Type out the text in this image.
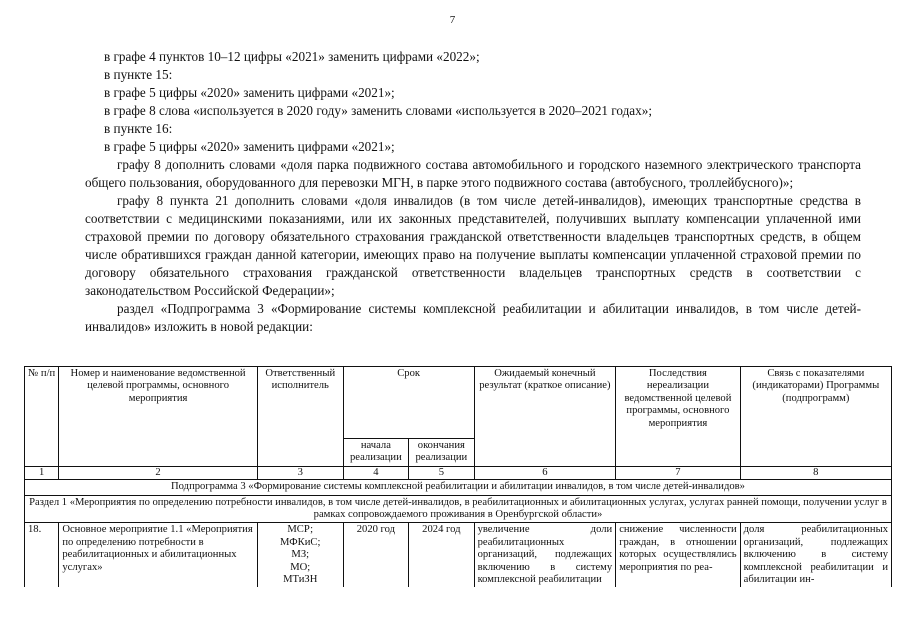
7

в графе 4 пунктов 10–12 цифры «2021» заменить цифрами «2022»;

в пункте 15:

в графе 5 цифры «2020» заменить цифрами «2021»;

в графе 8 слова «используется в 2020 году» заменить словами «используется в 2020–2021 годах»;

в пункте 16:

в графе 5 цифры «2020» заменить цифрами «2021»;

графу 8 дополнить словами «доля парка подвижного состава автомобильного и городского наземного электрического транспорта общего пользования, оборудованного для перевозки МГН, в парке этого подвижного состава (автобусного, троллейбусного)»;

графу 8 пункта 21 дополнить словами «доля инвалидов (в том числе детей-инвалидов), имеющих транспортные средства в соответствии с медицинскими показаниями, или их законных представителей, получивших выплату компенсации уплаченной ими страховой премии по договору обязательного страхования гражданской ответственности владельцев транспортных средств, в общем числе обратившихся граждан данной категории, имеющих право на получение выплаты компенсации уплаченной страховой премии по договору обязательного страхования гражданской ответственности владельцев транспортных средств в соответствии с законодательством Российской Федерации»;

раздел «Подпрограмма 3 «Формирование системы комплексной реабилитации и абилитации инвалидов, в том числе детей-инвалидов» изложить в новой редакции:

№ п/п	Номер и наименование ведомственной целевой программы, основного мероприятия	Ответственный исполнитель	Срок		Ожидаемый конечный результат (краткое описание)	Последствия нереализации ведомственной целевой программы, основного мероприятия	Связь с показателями (индикаторами) Программы (подпрограмм)
			начала реализации	окончания реализации			
1	2	3	4	5	6	7	8
Подпрограмма 3 «Формирование системы комплексной реабилитации и абилитации инвалидов, в том числе детей-инвалидов»							
Раздел 1 «Мероприятия по определению потребности инвалидов, в том числе детей-инвалидов, в реабилитационных и абилитационных услугах, услугах ранней помощи, получении услуг в рамках сопровождаемого проживания в Оренбургской области»							
18.	Основное мероприятие 1.1 «Мероприятия по определению потребности в реабилитационных и абилитационных услугах»	МСР;
МФКиС;
МЗ;
МО;
МТиЗН	2020 год	2024 год	увеличение доли реабилитационных организаций, подлежащих включению в систему комплексной реабилитации	снижение численности граждан, в отношении которых осуществлялись мероприятия по реа-	доля реабилитационных организаций, подлежащих включению в систему комплексной реабилитации и абилитации ин-
